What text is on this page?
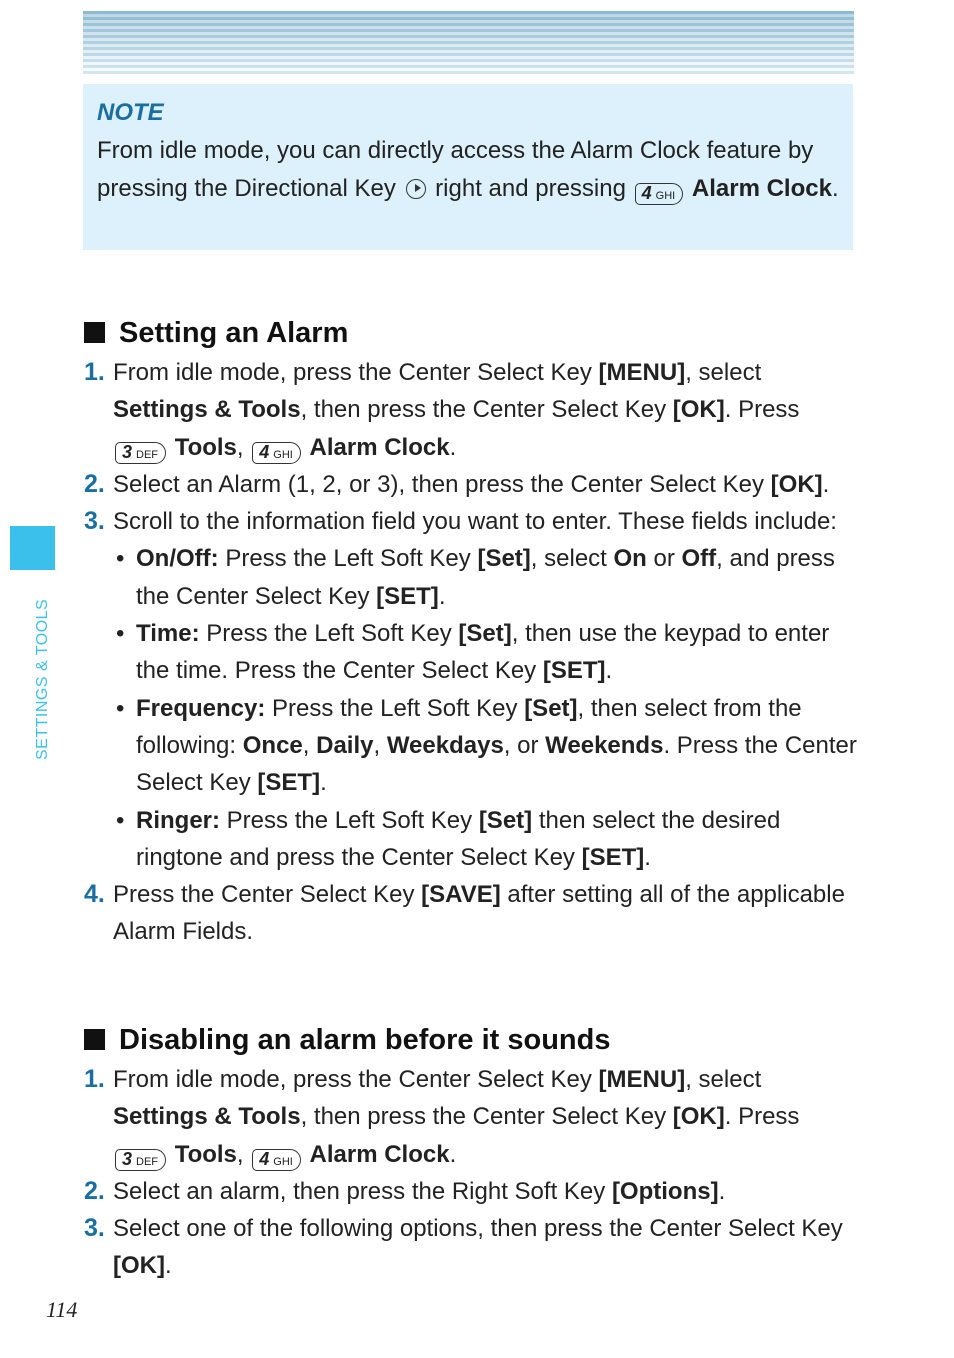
NOTE
From idle mode, you can directly access the Alarm Clock feature by pressing the Directional Key right and pressing 4 GHI Alarm Clock.
Setting an Alarm
1. From idle mode, press the Center Select Key [MENU], select
Settings & Tools, then press the Center Select Key [OK]. Press
3 DEF Tools, 4 GHI Alarm Clock.
2. Select an Alarm (1, 2, or 3), then press the Center Select Key [OK].
3. Scroll to the information field you want to enter. These fields include:
• On/Off: Press the Left Soft Key [Set], select On or Off, and press the Center Select Key [SET].
• Time: Press the Left Soft Key [Set], then use the keypad to enter the time. Press the Center Select Key [SET].
• Frequency: Press the Left Soft Key [Set], then select from the following: Once, Daily, Weekdays, or Weekends. Press the Center Select Key [SET].
• Ringer: Press the Left Soft Key [Set] then select the desired ringtone and press the Center Select Key [SET].
4. Press the Center Select Key [SAVE] after setting all of the applicable Alarm Fields.
Disabling an alarm before it sounds
1. From idle mode, press the Center Select Key [MENU], select
Settings & Tools, then press the Center Select Key [OK]. Press
3 DEF Tools, 4 GHI Alarm Clock.
2. Select an alarm, then press the Right Soft Key [Options].
3. Select one of the following options, then press the Center Select Key [OK].
SETTINGS & TOOLS
114
